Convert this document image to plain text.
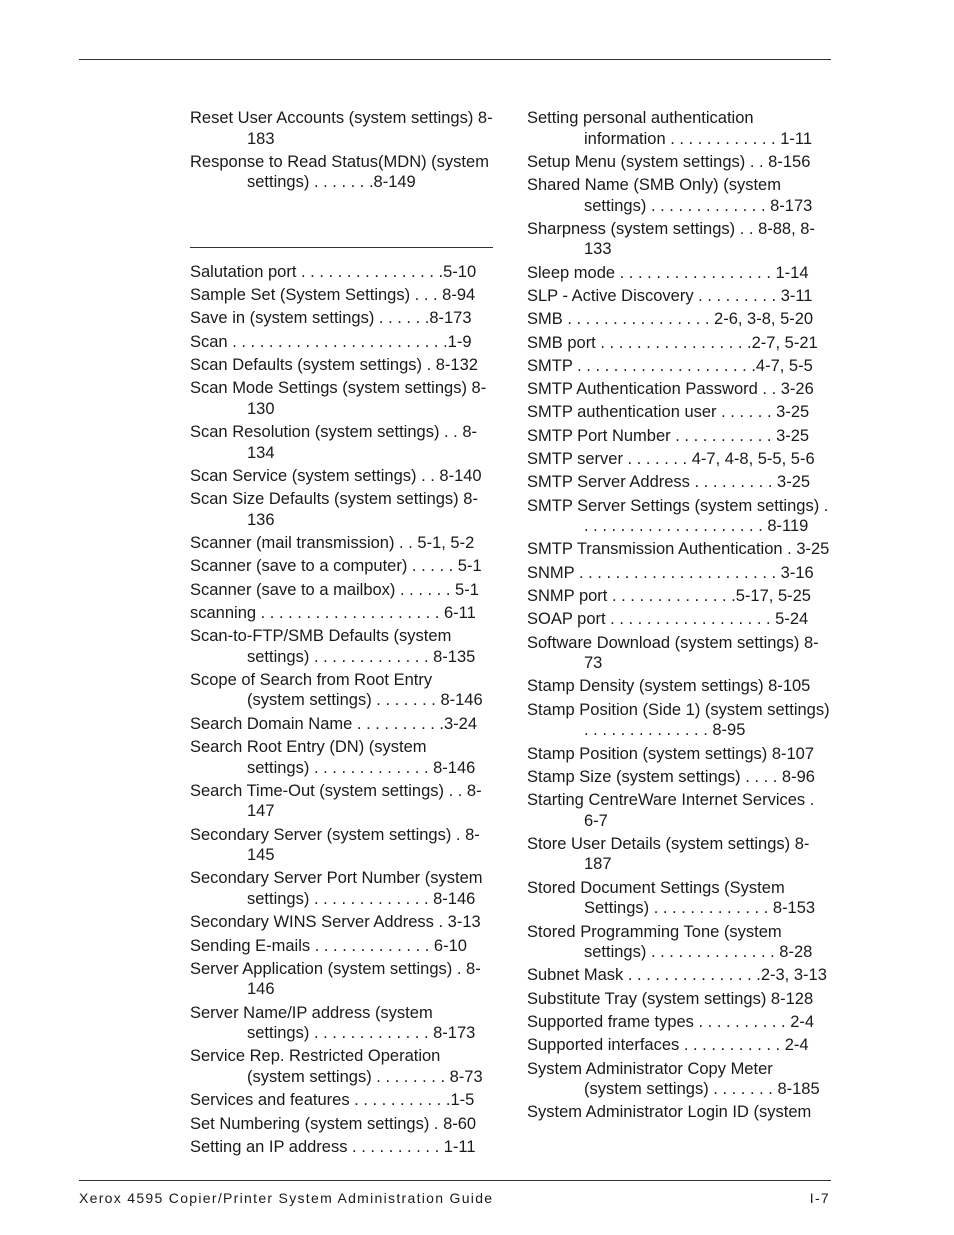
Reset User Accounts (system settings) 8-183
Response to Read Status(MDN) (system settings) . . . . . . .8-149
Salutation port . . . . . . . . . . . . . . . .5-10
Sample Set (System Settings) . . . 8-94
Save in (system settings) . . . . . .8-173
Scan . . . . . . . . . . . . . . . . . . . . . . . .1-9
Scan Defaults (system settings) . 8-132
Scan Mode Settings (system settings) 8-130
Scan Resolution (system settings) . . 8-134
Scan Service (system settings) . . 8-140
Scan Size Defaults (system settings) 8-136
Scanner (mail transmission) . . 5-1, 5-2
Scanner (save to a computer) . . . . . 5-1
Scanner (save to a mailbox) . . . . . . 5-1
scanning . . . . . . . . . . . . . . . . . . . . 6-11
Scan-to-FTP/SMB Defaults (system settings) . . . . . . . . . . . . . 8-135
Scope of Search from Root Entry (system settings) . . . . . . . 8-146
Search Domain Name . . . . . . . . . .3-24
Search Root Entry (DN) (system settings) . . . . . . . . . . . . . 8-146
Search Time-Out (system settings) . . 8-147
Secondary Server (system settings) . 8-145
Secondary Server Port Number (system settings) . . . . . . . . . . . . . 8-146
Secondary WINS Server Address . 3-13
Sending E-mails . . . . . . . . . . . . . 6-10
Server Application (system settings) . 8-146
Server Name/IP address (system settings) . . . . . . . . . . . . . 8-173
Service Rep. Restricted Operation (system settings) . . . . . . . . 8-73
Services and features . . . . . . . . . . .1-5
Set Numbering (system settings) . 8-60
Setting an IP address . . . . . . . . . . 1-11
Setting personal authentication information . . . . . . . . . . . . 1-11
Setup Menu (system settings) . . 8-156
Shared Name (SMB Only) (system settings) . . . . . . . . . . . . . 8-173
Sharpness (system settings) . . 8-88, 8-133
Sleep mode . . . . . . . . . . . . . . . . . 1-14
SLP - Active Discovery . . . . . . . . . 3-11
SMB . . . . . . . . . . . . . . . . 2-6, 3-8, 5-20
SMB port . . . . . . . . . . . . . . . . .2-7, 5-21
SMTP . . . . . . . . . . . . . . . . . . . .4-7, 5-5
SMTP Authentication Password . . 3-26
SMTP authentication user . . . . . . 3-25
SMTP Port Number . . . . . . . . . . . 3-25
SMTP server . . . . . . . 4-7, 4-8, 5-5, 5-6
SMTP Server Address . . . . . . . . . 3-25
SMTP Server Settings (system settings) . . . . . . . . . . . . . . . . . . . . . 8-119
SMTP Transmission Authentication . 3-25
SNMP . . . . . . . . . . . . . . . . . . . . . . 3-16
SNMP port . . . . . . . . . . . . . .5-17, 5-25
SOAP port . . . . . . . . . . . . . . . . . . 5-24
Software Download (system settings) 8-73
Stamp Density (system settings) 8-105
Stamp Position (Side 1) (system settings) . . . . . . . . . . . . . . 8-95
Stamp Position (system settings) 8-107
Stamp Size (system settings) . . . . 8-96
Starting CentreWare Internet Services . 6-7
Store User Details (system settings) 8-187
Stored Document Settings (System Settings) . . . . . . . . . . . . . 8-153
Stored Programming Tone (system settings) . . . . . . . . . . . . . . 8-28
Subnet Mask . . . . . . . . . . . . . . .2-3, 3-13
Substitute Tray (system settings) 8-128
Supported frame types . . . . . . . . . . 2-4
Supported interfaces . . . . . . . . . . . 2-4
System Administrator Copy Meter (system settings) . . . . . . . 8-185
System Administrator Login ID (system
Xerox 4595 Copier/Printer System Administration Guide	I-7
